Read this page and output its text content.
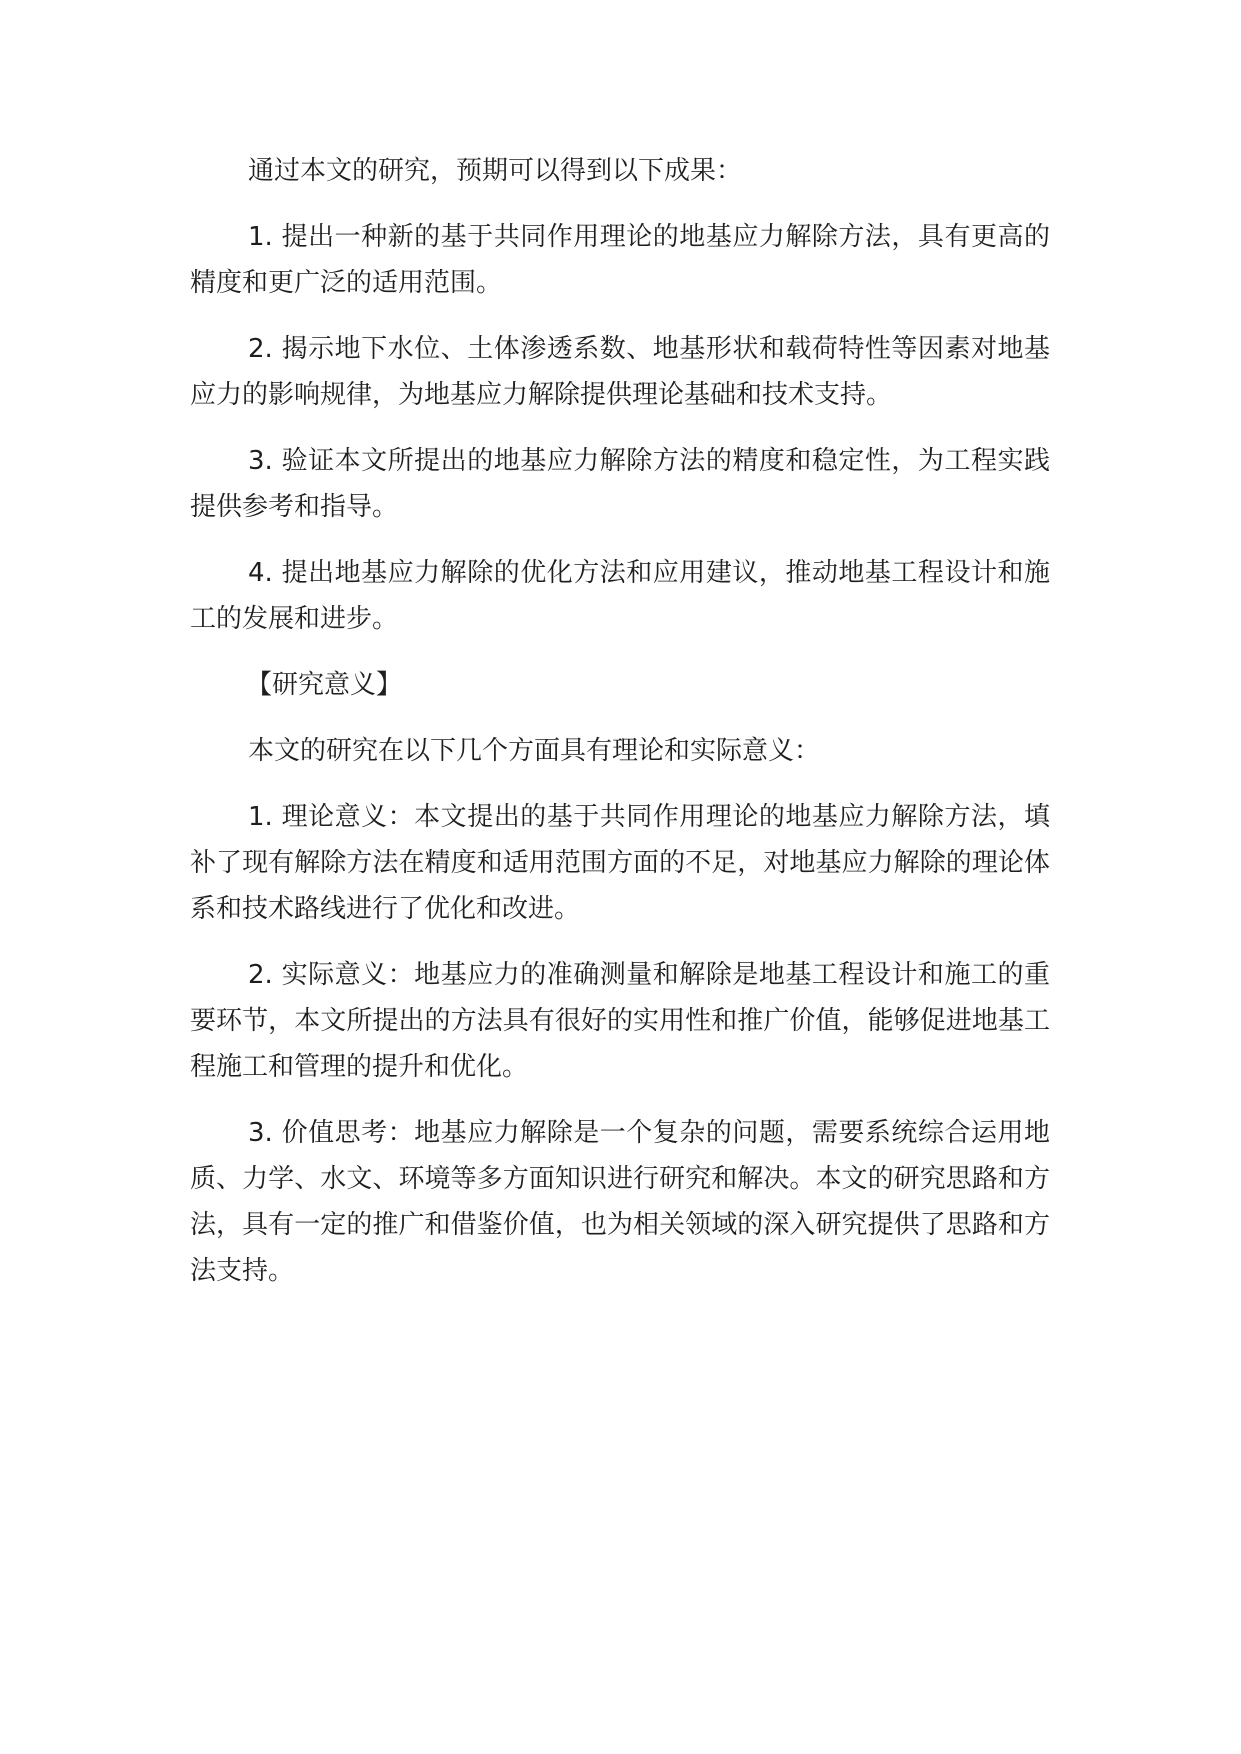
通过本文的研究，预期可以得到以下成果：

1. 提出一种新的基于共同作用理论的地基应力解除方法，具有更高的精度和更广泛的适用范围。

2. 揭示地下水位、土体渗透系数、地基形状和载荷特性等因素对地基应力的影响规律，为地基应力解除提供理论基础和技术支持。

3. 验证本文所提出的地基应力解除方法的精度和稳定性，为工程实践提供参考和指导。

4. 提出地基应力解除的优化方法和应用建议，推动地基工程设计和施工的发展和进步。

【研究意义】

本文的研究在以下几个方面具有理论和实际意义：

1. 理论意义：本文提出的基于共同作用理论的地基应力解除方法，填补了现有解除方法在精度和适用范围方面的不足，对地基应力解除的理论体系和技术路线进行了优化和改进。

2. 实际意义：地基应力的准确测量和解除是地基工程设计和施工的重要环节，本文所提出的方法具有很好的实用性和推广价值，能够促进地基工程施工和管理的提升和优化。

3. 价值思考：地基应力解除是一个复杂的问题，需要系统综合运用地质、力学、水文、环境等多方面知识进行研究和解决。本文的研究思路和方法，具有一定的推广和借鉴价值，也为相关领域的深入研究提供了思路和方法支持。
